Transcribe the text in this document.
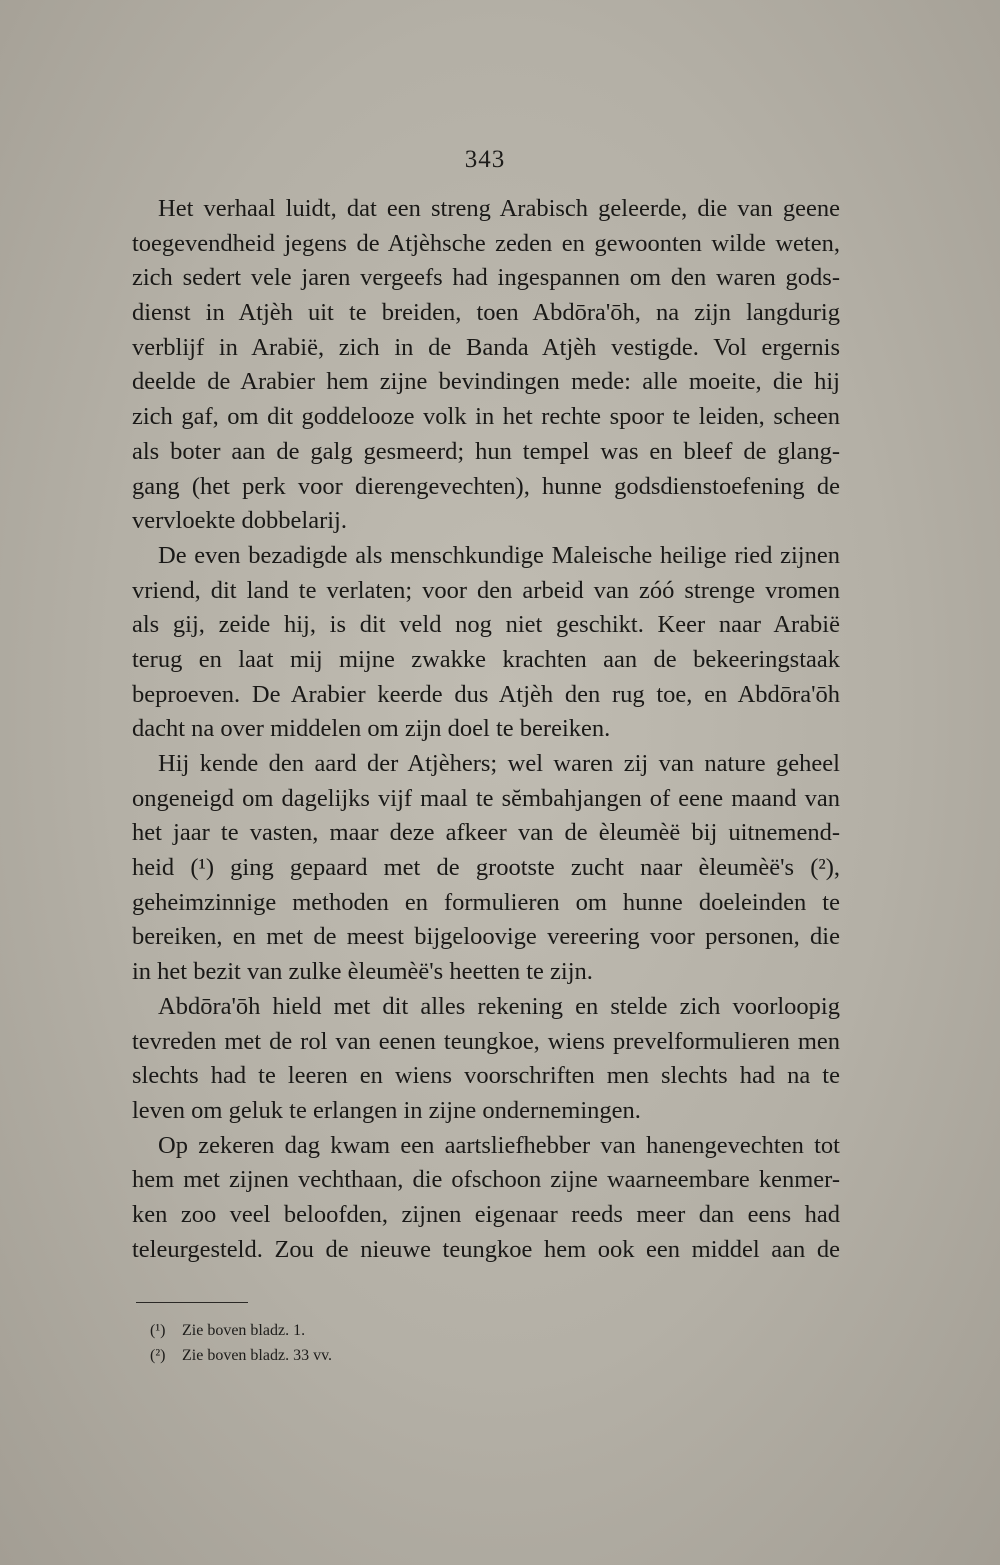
343
Het verhaal luidt, dat een streng Arabisch geleerde, die van geene
toegevendheid jegens de Atjèhsche zeden en gewoonten wilde weten,
zich sedert vele jaren vergeefs had ingespannen om den waren gods-
dienst in Atjèh uit te breiden, toen Abdōra'ōh, na zijn langdurig
verblijf in Arabië, zich in de Banda Atjèh vestigde. Vol ergernis
deelde de Arabier hem zijne bevindingen mede: alle moeite, die hij
zich gaf, om dit goddelooze volk in het rechte spoor te leiden, scheen
als boter aan de galg gesmeerd; hun tempel was en bleef de glang-
gang (het perk voor dierengevechten), hunne godsdienstoefening de
vervloekte dobbelarij.
De even bezadigde als menschkundige Maleische heilige ried zijnen
vriend, dit land te verlaten; voor den arbeid van zóó strenge vromen
als gij, zeide hij, is dit veld nog niet geschikt. Keer naar Arabië
terug en laat mij mijne zwakke krachten aan de bekeeringstaak
beproeven. De Arabier keerde dus Atjèh den rug toe, en Abdōra'ōh
dacht na over middelen om zijn doel te bereiken.
Hij kende den aard der Atjèhers; wel waren zij van nature geheel
ongeneigd om dagelijks vijf maal te sĕmbahjangen of eene maand van
het jaar te vasten, maar deze afkeer van de èleumèë bij uitnemend-
heid (¹) ging gepaard met de grootste zucht naar èleumèë's (²),
geheimzinnige methoden en formulieren om hunne doeleinden te
bereiken, en met de meest bijgeloovige vereering voor personen, die
in het bezit van zulke èleumèë's heetten te zijn.
Abdōra'ōh hield met dit alles rekening en stelde zich voorloopig
tevreden met de rol van eenen teungkoe, wiens prevelformulieren men
slechts had te leeren en wiens voorschriften men slechts had na te
leven om geluk te erlangen in zijne ondernemingen.
Op zekeren dag kwam een aartsliefhebber van hanengevechten tot
hem met zijnen vechthaan, die ofschoon zijne waarneembare kenmer-
ken zoo veel beloofden, zijnen eigenaar reeds meer dan eens had
teleurgesteld. Zou de nieuwe teungkoe hem ook een middel aan de
(¹) Zie boven bladz. 1.
(²) Zie boven bladz. 33 vv.
